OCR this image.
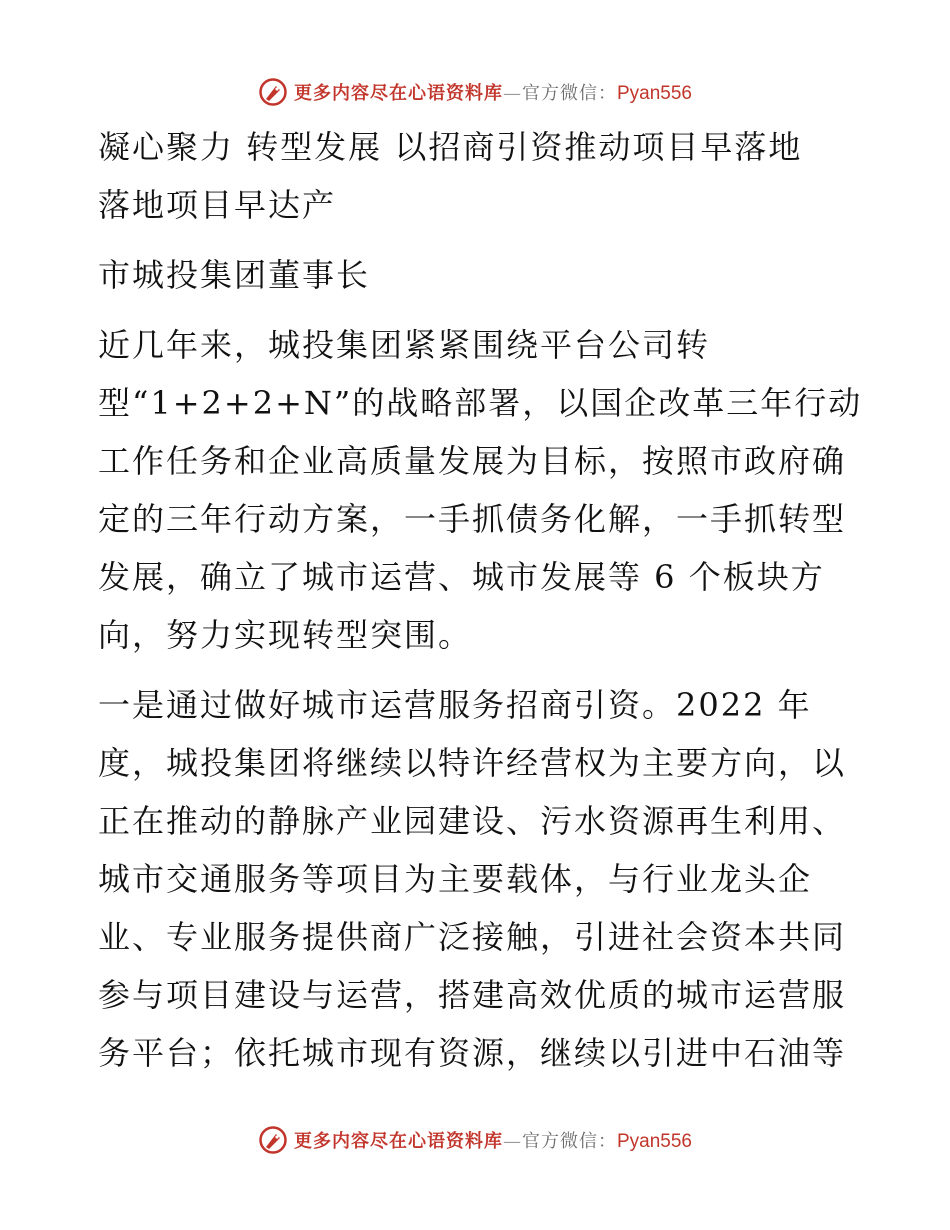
更多内容尽在心语资料库—官方微信：Pyan556
凝心聚力 转型发展 以招商引资推动项目早落地
落地项目早达产
市城投集团董事长
近几年来，城投集团紧紧围绕平台公司转
型“1+2+2+N”的战略部署，以国企改革三年行动
工作任务和企业高质量发展为目标，按照市政府确
定的三年行动方案，一手抓债务化解，一手抓转型
发展，确立了城市运营、城市发展等 6 个板块方
向，努力实现转型突围。
一是通过做好城市运营服务招商引资。2022 年
度，城投集团将继续以特许经营权为主要方向，以
正在推动的静脉产业园建设、污水资源再生利用、
城市交通服务等项目为主要载体，与行业龙头企
业、专业服务提供商广泛接触，引进社会资本共同
参与项目建设与运营，搭建高效优质的城市运营服
务平台；依托城市现有资源，继续以引进中石油等
更多内容尽在心语资料库—官方微信：Pyan556
